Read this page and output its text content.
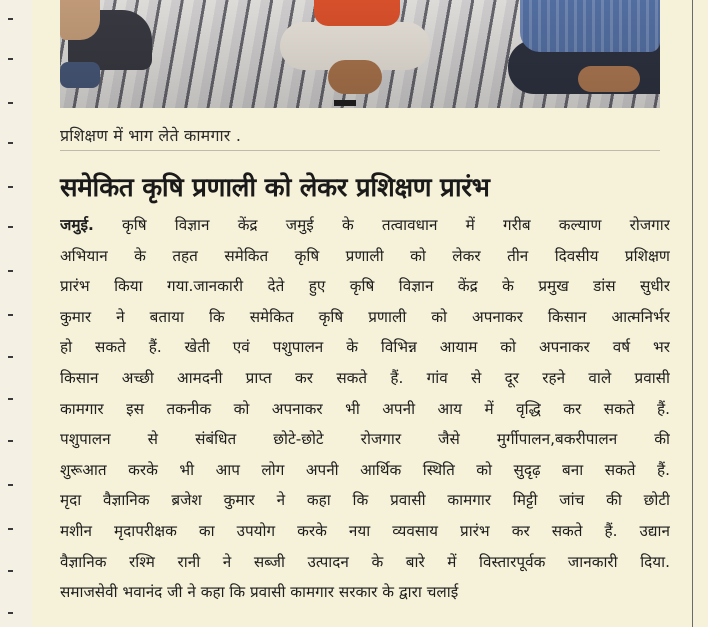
प्रशिक्षण में भाग लेते कामगार .

समेकित कृषि प्रणाली को लेकर प्रशिक्षण प्रारंभ
जमुई. कृषि विज्ञान केंद्र जमुई के तत्वावधान में गरीब कल्याण रोजगार
अभियान के तहत समेकित कृषि प्रणाली को लेकर तीन दिवसीय प्रशिक्षण
प्रारंभ किया गया.जानकारी देते हुए कृषि विज्ञान केंद्र के प्रमुख डांस सुधीर
कुमार ने बताया कि समेकित कृषि प्रणाली को अपनाकर किसान आत्मनिर्भर
हो सकते हैं. खेती एवं पशुपालन के विभिन्न आयाम को अपनाकर वर्ष भर
किसान अच्छी आमदनी प्राप्त कर सकते हैं. गांव से दूर रहने वाले प्रवासी
कामगार इस तकनीक को अपनाकर भी अपनी आय में वृद्धि कर सकते हैं.
पशुपालन से संबंधित छोटे-छोटे रोजगार जैसे मुर्गीपालन,बकरीपालन की
शुरूआत करके भी आप लोग अपनी आर्थिक स्थिति को सुदृढ़ बना सकते हैं.
मृदा वैज्ञानिक ब्रजेश कुमार ने कहा कि प्रवासी कामगार मिट्टी जांच की छोटी
मशीन मृदापरीक्षक का उपयोग करके नया व्यवसाय प्रारंभ कर सकते हैं. उद्यान
वैज्ञानिक रश्मि रानी ने सब्जी उत्पादन के बारे में विस्तारपूर्वक जानकारी दिया.
समाजसेवी भवानंद जी ने कहा कि प्रवासी कामगार सरकार के द्वारा चलाई
